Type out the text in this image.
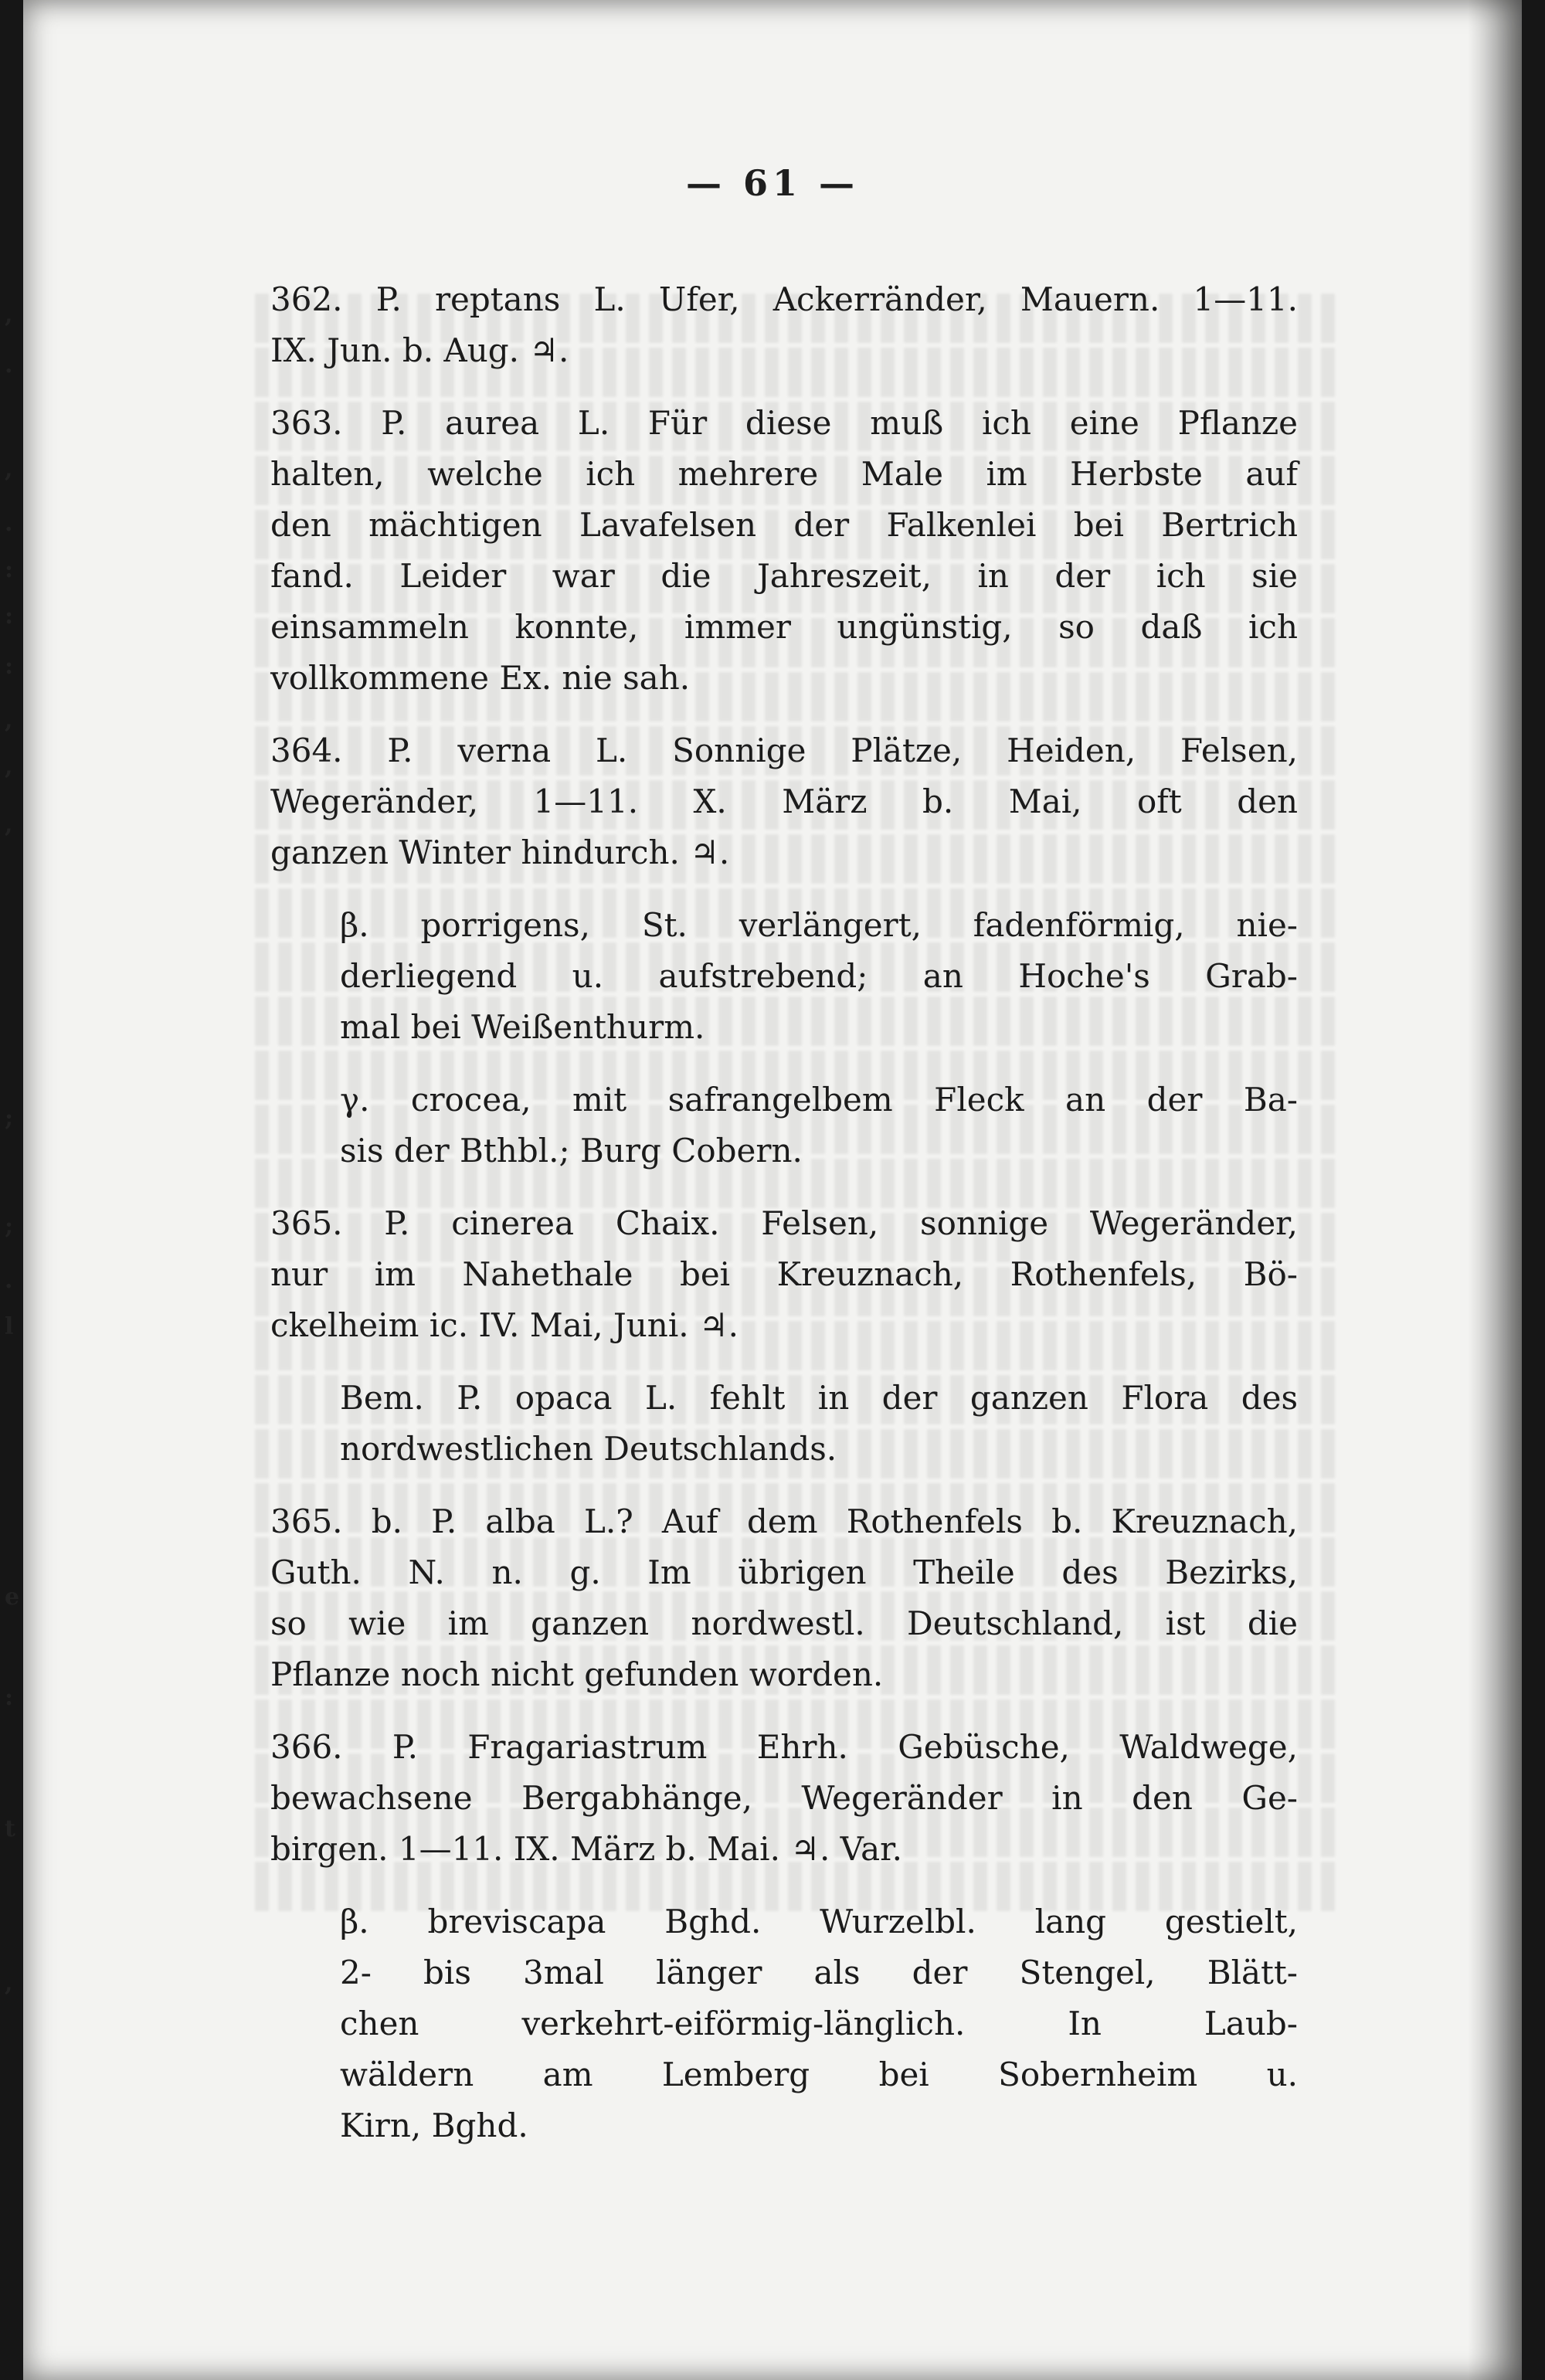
— 61 —
362. P. reptans L. Ufer, Ackerränder, Mauern. 1—11.
IX. Jun. b. Aug. ♃.
363. P. aurea L. Für diese muß ich eine Pflanze
halten, welche ich mehrere Male im Herbste auf
den mächtigen Lavafelsen der Falkenlei bei Bertrich
fand. Leider war die Jahreszeit, in der ich sie
einsammeln konnte, immer ungünstig, so daß ich
vollkommene Ex. nie sah.
364. P. verna L. Sonnige Plätze, Heiden, Felsen,
Wegeränder, 1—11. X. März b. Mai, oft den
ganzen Winter hindurch. ♃.
β. porrigens, St. verlängert, fadenförmig, nie-
derliegend u. aufstrebend; an Hoche's Grab-
mal bei Weißenthurm.
γ. crocea, mit safrangelbem Fleck an der Ba-
sis der Bthbl.; Burg Cobern.
365. P. cinerea Chaix. Felsen, sonnige Wegeränder,
nur im Nahethale bei Kreuznach, Rothenfels, Bö-
ckelheim ic. IV. Mai, Juni. ♃.
Bem. P. opaca L. fehlt in der ganzen Flora des
nordwestlichen Deutschlands.
365. b. P. alba L.? Auf dem Rothenfels b. Kreuznach,
Guth. N. n. g. Im übrigen Theile des Bezirks,
so wie im ganzen nordwestl. Deutschland, ist die
Pflanze noch nicht gefunden worden.
366. P. Fragariastrum Ehrh. Gebüsche, Waldwege,
bewachsene Bergabhänge, Wegeränder in den Ge-
birgen. 1—11. IX. März b. Mai. ♃. Var.
β. breviscapa Bghd. Wurzelbl. lang gestielt,
2- bis 3mal länger als der Stengel, Blätt-
chen verkehrt-eiförmig-länglich. In Laub-
wäldern am Lemberg bei Sobernheim u.
Kirn, Bghd.
,
.
,
.
:
:
:
,
,
,
;
;
.
l
e
:
t
,
